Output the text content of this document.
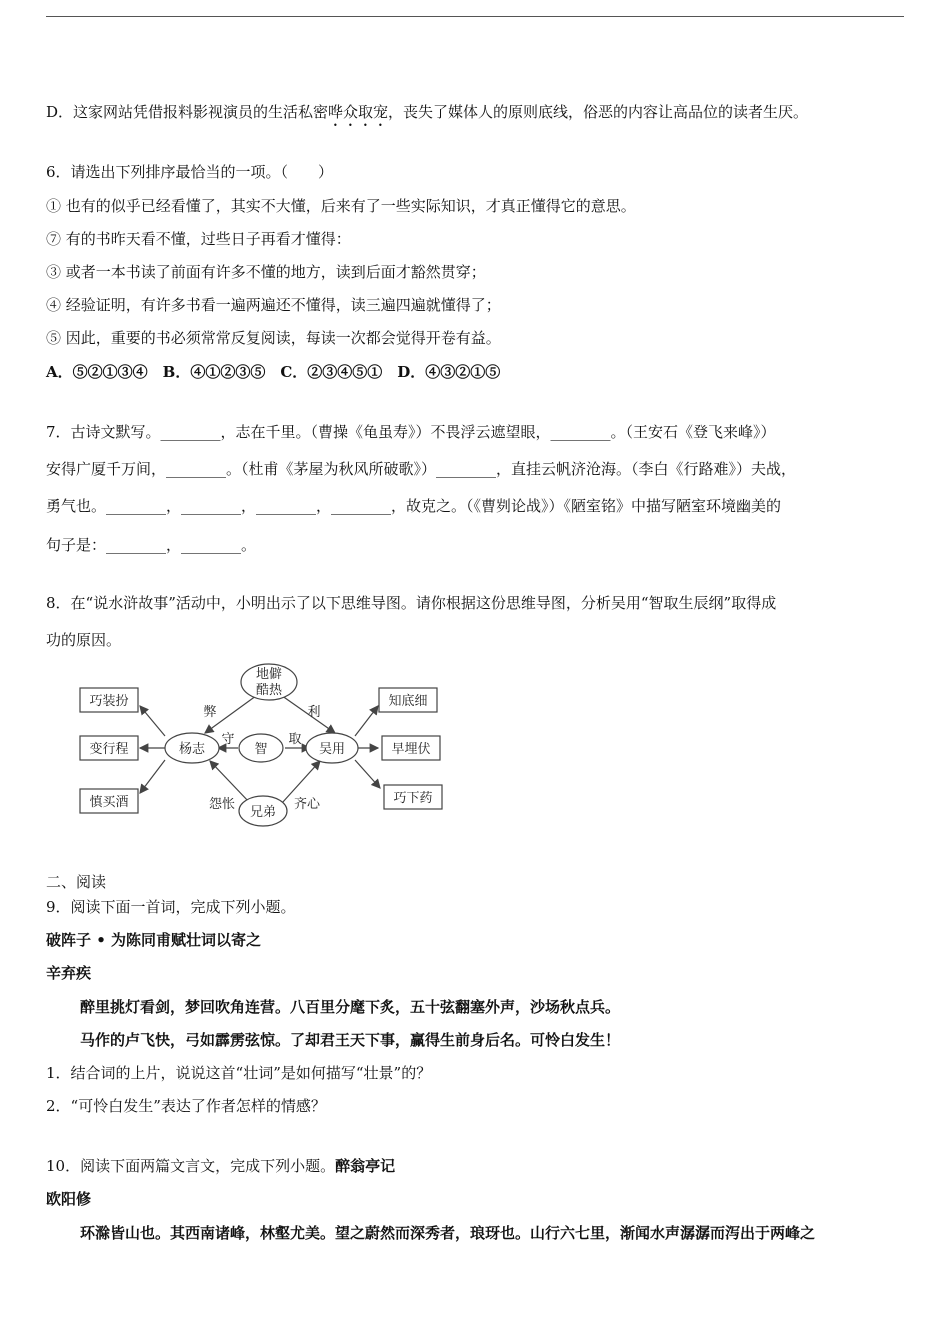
D．这家网站凭借报料影视演员的生活私密哗众取宠，丧失了媒体人的原则底线，俗恶的内容让高品位的读者生厌。
6．请选出下列排序最恰当的一项。（　　）
① 也有的似乎已经看懂了，其实不大懂，后来有了一些实际知识，才真正懂得它的意思。
⑦ 有的书昨天看不懂，过些日子再看才懂得：
③ 或者一本书读了前面有许多不懂的地方，读到后面才豁然贯穿；
④ 经验证明，有许多书看一遍两遍还不懂得，读三遍四遍就懂得了；
⑤ 因此，重要的书必须常常反复阅读，每读一次都会觉得开卷有益。
A．⑤②①③④　B．④①②③⑤　C．②③④⑤①　D．④③②①⑤
7．古诗文默写。________，志在千里。（曹操《龟虽寿》）不畏浮云遮望眼，________。（王安石《登飞来峰》）
安得广厦千万间，________。（杜甫《茅屋为秋风所破歌》）________，直挂云帆济沧海。（李白《行路难》）夫战，
勇气也。________，________，________，________，故克之。（《曹刿论战》）《陋室铭》中描写陋室环境幽美的
句子是：________，________。
8．在“说水浒故事”活动中，小明出示了以下思维导图。请你根据这份思维导图，分析吴用“智取生辰纲”取得成
功的原因。
地僻
酷热
杨志	智	吴用
兄弟
巧装扮
变行程
慎买酒
知底细
早埋伏
巧下药
弊	利
守	取
怨怅	齐心
二、阅读
9．阅读下面一首词，完成下列小题。
破阵子 • 为陈同甫赋壮词以寄之
辛弃疾
醉里挑灯看剑，梦回吹角连营。八百里分麾下炙，五十弦翻塞外声，沙场秋点兵。
马作的卢飞快，弓如霹雳弦惊。了却君王天下事，赢得生前身后名。可怜白发生！
1．结合词的上片，说说这首“壮词”是如何描写“壮景”的？
2．“可怜白发生”表达了作者怎样的情感？
10．阅读下面两篇文言文，完成下列小题。醉翁亭记
欧阳修
环滁皆山也。其西南诸峰，林壑尤美。望之蔚然而深秀者，琅玡也。山行六七里，渐闻水声潺潺而泻出于两峰之
